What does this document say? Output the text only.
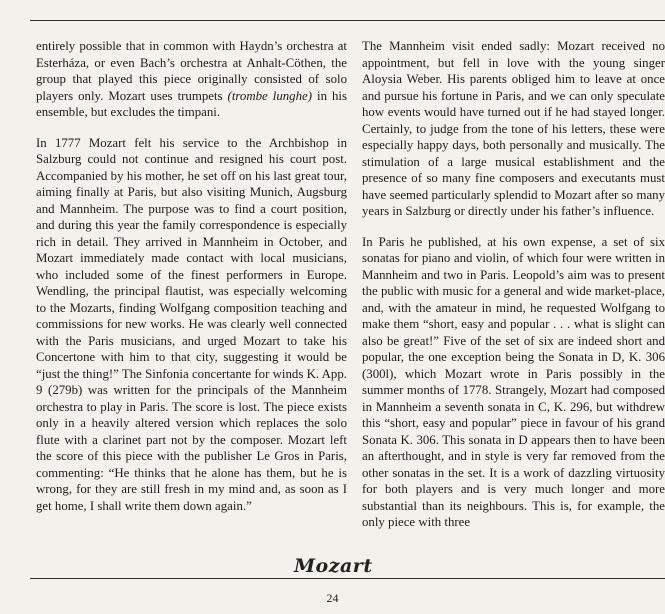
entirely possible that in common with Haydn’s orchestra at Esterháza, or even Bach’s orchestra at Anhalt-Cöthen, the group that played this piece originally consisted of solo players only. Mozart uses trumpets (trombe lunghe) in his ensemble, but excludes the timpani.

In 1777 Mozart felt his service to the Archbishop in Salzburg could not continue and resigned his court post. Accompanied by his mother, he set off on his last great tour, aiming finally at Paris, but also visiting Munich, Augsburg and Mannheim. The purpose was to find a court position, and during this year the family correspondence is especially rich in detail. They arrived in Mannheim in October, and Mozart immediately made contact with local musicians, who included some of the finest performers in Europe. Wendling, the principal flautist, was especially welcoming to the Mozarts, finding Wolfgang composition teaching and commissions for new works. He was clearly well connected with the Paris musicians, and urged Mozart to take his Concertone with him to that city, suggesting it would be “just the thing!” The Sinfonia concertante for winds K. App. 9 (279b) was written for the principals of the Mannheim orchestra to play in Paris. The score is lost. The piece exists only in a heavily altered version which replaces the solo flute with a clarinet part not by the composer. Mozart left the score of this piece with the publisher Le Gros in Paris, commenting: “He thinks that he alone has them, but he is wrong, for they are still fresh in my mind and, as soon as I get home, I shall write them down again.”

The Mannheim visit ended sadly: Mozart received no appointment, but fell in love with the young singer Aloysia Weber. His parents obliged him to leave at once and pursue his fortune in Paris, and we can only speculate how events would have turned out if he had stayed longer. Certainly, to judge from the tone of his letters, these were especially happy days, both personally and musically. The stimulation of a large musical establishment and the presence of so many fine composers and executants must have seemed particularly splendid to Mozart after so many years in Salzburg or directly under his father’s influence.

In Paris he published, at his own expense, a set of six sonatas for piano and violin, of which four were written in Mannheim and two in Paris. Leopold’s aim was to present the public with music for a general and wide market-place, and, with the amateur in mind, he requested Wolfgang to make them “short, easy and popular . . . what is slight can also be great!” Five of the set of six are indeed short and popular, the one exception being the Sonata in D, K. 306 (300l), which Mozart wrote in Paris possibly in the summer months of 1778. Strangely, Mozart had composed in Mannheim a seventh sonata in C, K. 296, but withdrew this “short, easy and popular” piece in favour of his grand Sonata K. 306. This sonata in D appears then to have been an afterthought, and in style is very far removed from the other sonatas in the set. It is a work of dazzling virtuosity for both players and is very much longer and more substantial than its neighbours. This is, for example, the only piece with three

Mozart
24
